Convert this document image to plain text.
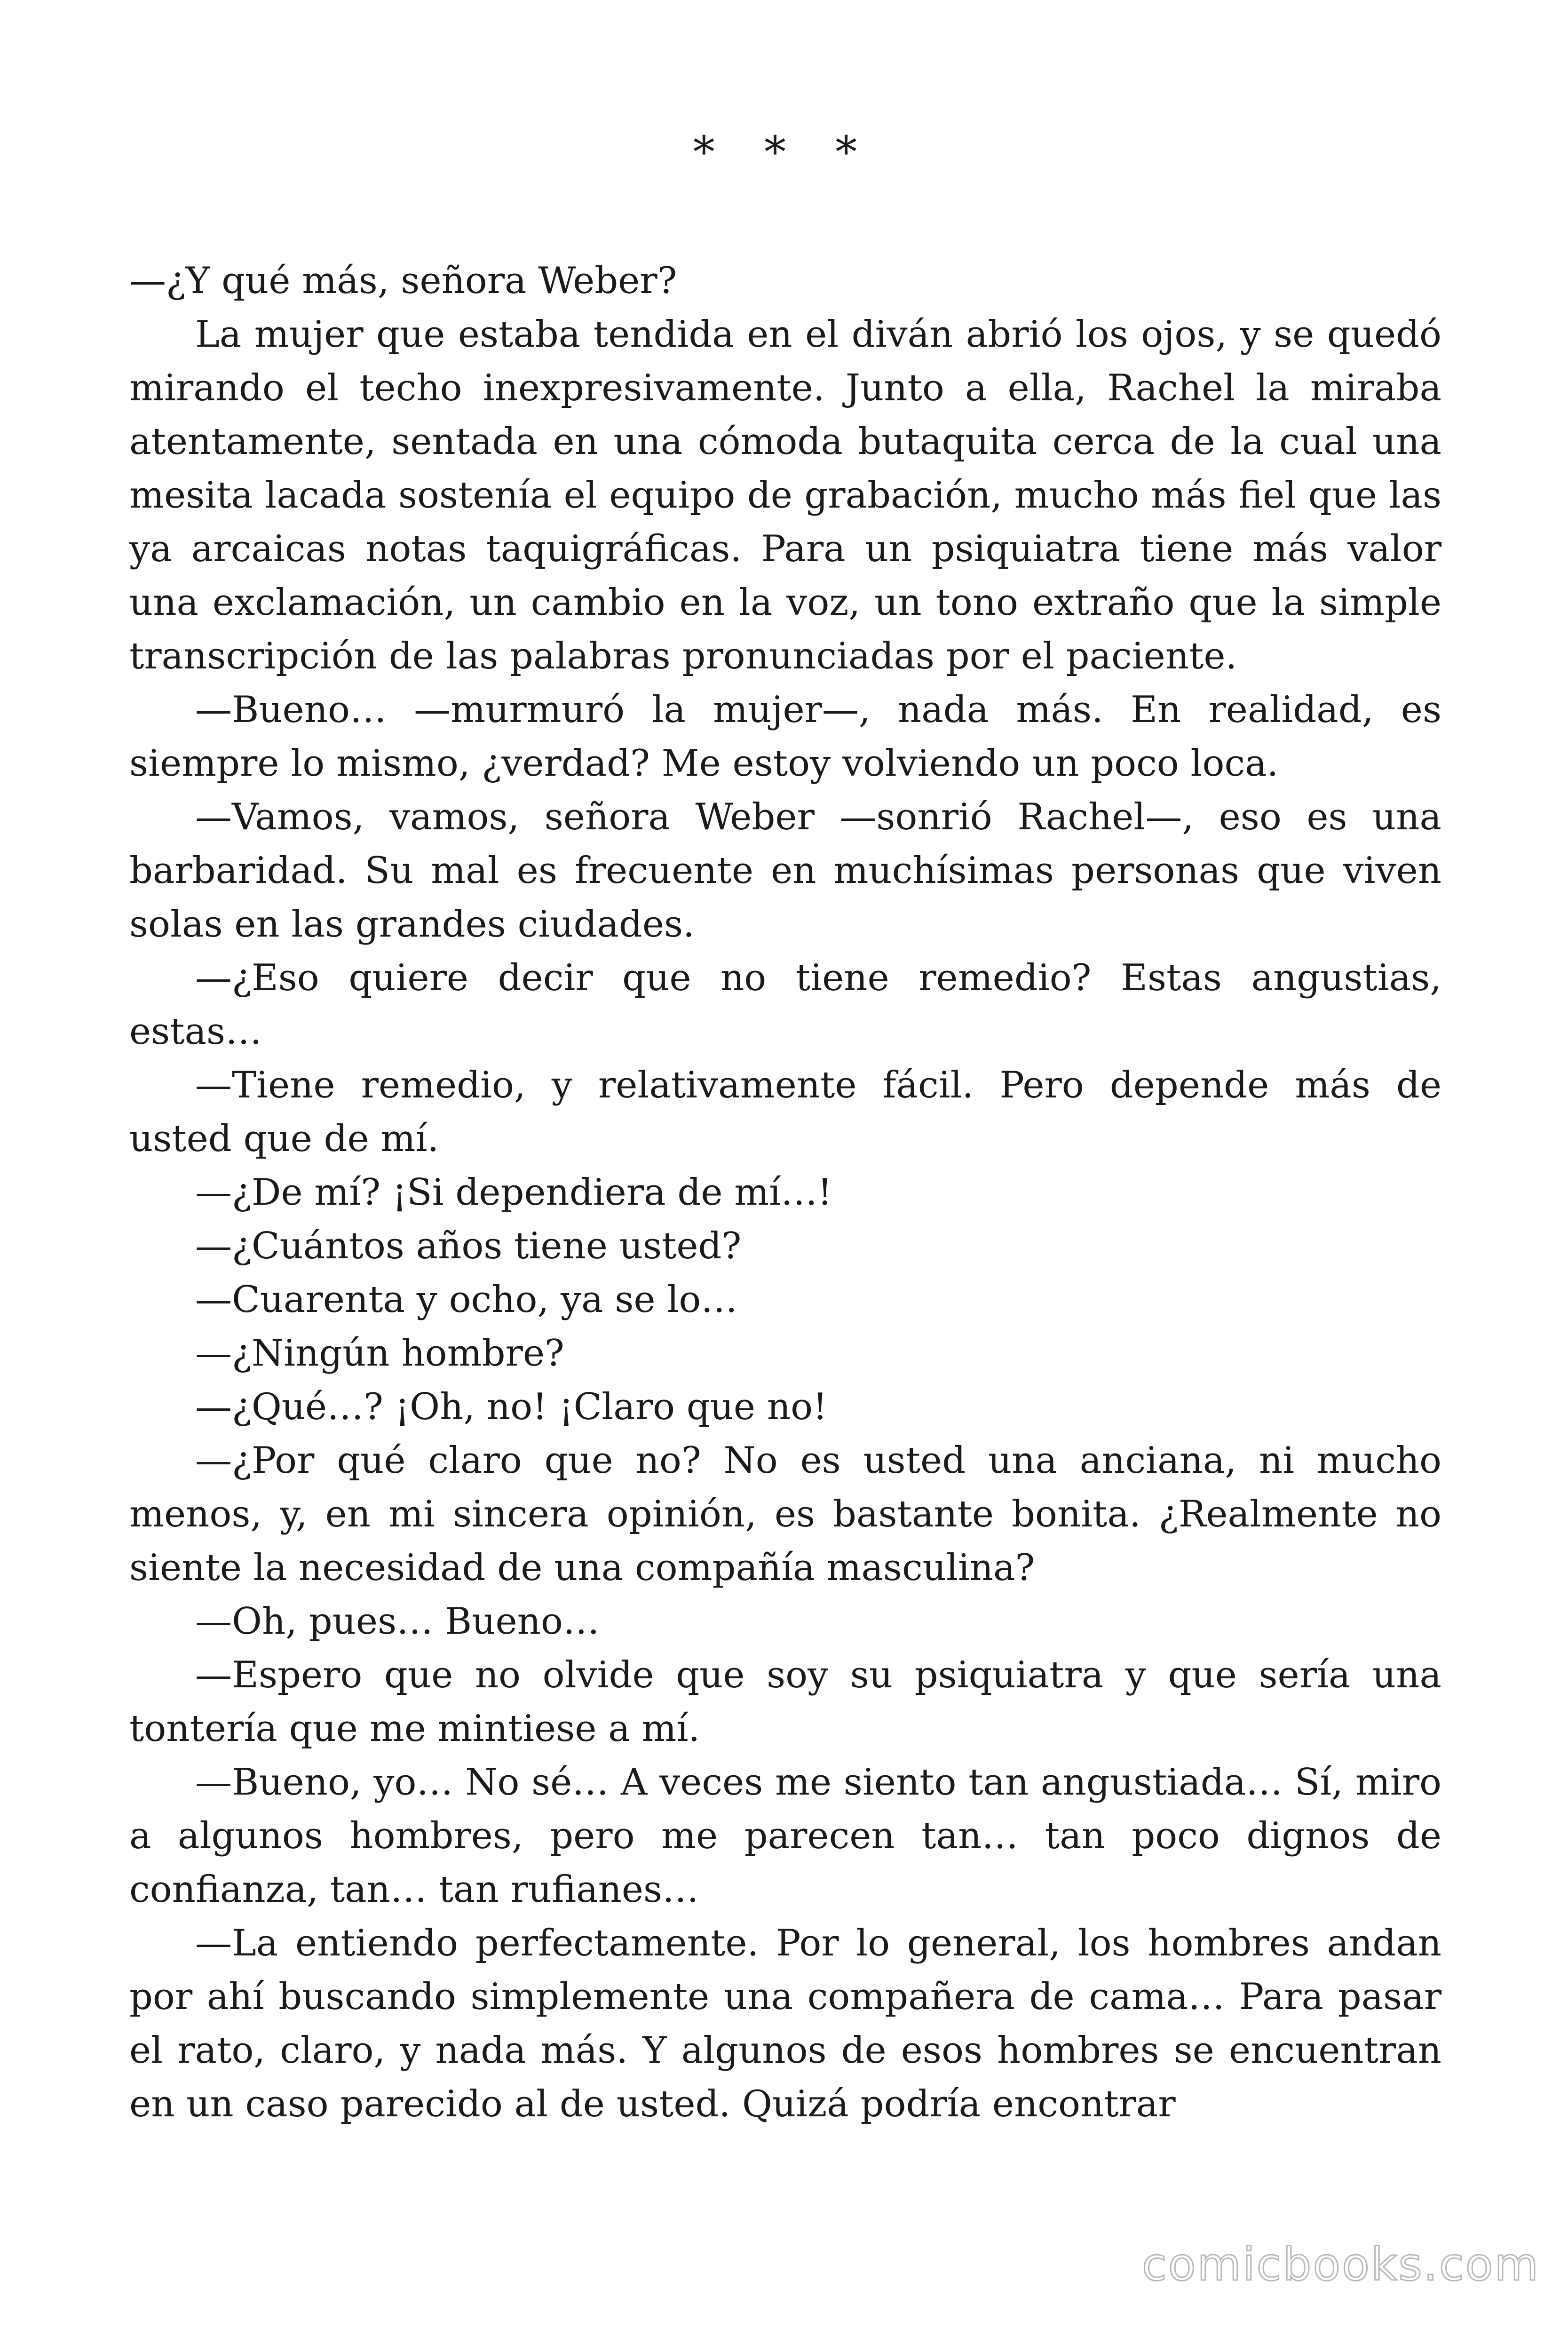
* * *

—¿Y qué más, señora Weber?

La mujer que estaba tendida en el diván abrió los ojos, y se quedó mirando el techo inexpresivamente. Junto a ella, Rachel la miraba atentamente, sentada en una cómoda butaquita cerca de la cual una mesita lacada sostenía el equipo de grabación, mucho más fiel que las ya arcaicas notas taquigráficas. Para un psiquiatra tiene más valor una exclamación, un cambio en la voz, un tono extraño que la simple transcripción de las palabras pronunciadas por el paciente.

—Bueno… —murmuró la mujer—, nada más. En realidad, es siempre lo mismo, ¿verdad? Me estoy volviendo un poco loca.

—Vamos, vamos, señora Weber —sonrió Rachel—, eso es una barbaridad. Su mal es frecuente en muchísimas personas que viven solas en las grandes ciudades.

—¿Eso quiere decir que no tiene remedio? Estas angustias, estas…

—Tiene remedio, y relativamente fácil. Pero depende más de usted que de mí.

—¿De mí? ¡Si dependiera de mí…!

—¿Cuántos años tiene usted?

—Cuarenta y ocho, ya se lo…

—¿Ningún hombre?

—¿Qué…? ¡Oh, no! ¡Claro que no!

—¿Por qué claro que no? No es usted una anciana, ni mucho menos, y, en mi sincera opinión, es bastante bonita. ¿Realmente no siente la necesidad de una compañía masculina?

—Oh, pues… Bueno…

—Espero que no olvide que soy su psiquiatra y que sería una tontería que me mintiese a mí.

—Bueno, yo… No sé… A veces me siento tan angustiada… Sí, miro a algunos hombres, pero me parecen tan… tan poco dignos de confianza, tan… tan rufianes…

—La entiendo perfectamente. Por lo general, los hombres andan por ahí buscando simplemente una compañera de cama… Para pasar el rato, claro, y nada más. Y algunos de esos hombres se encuentran en un caso parecido al de usted. Quizá podría encontrar

comicbooks.com
